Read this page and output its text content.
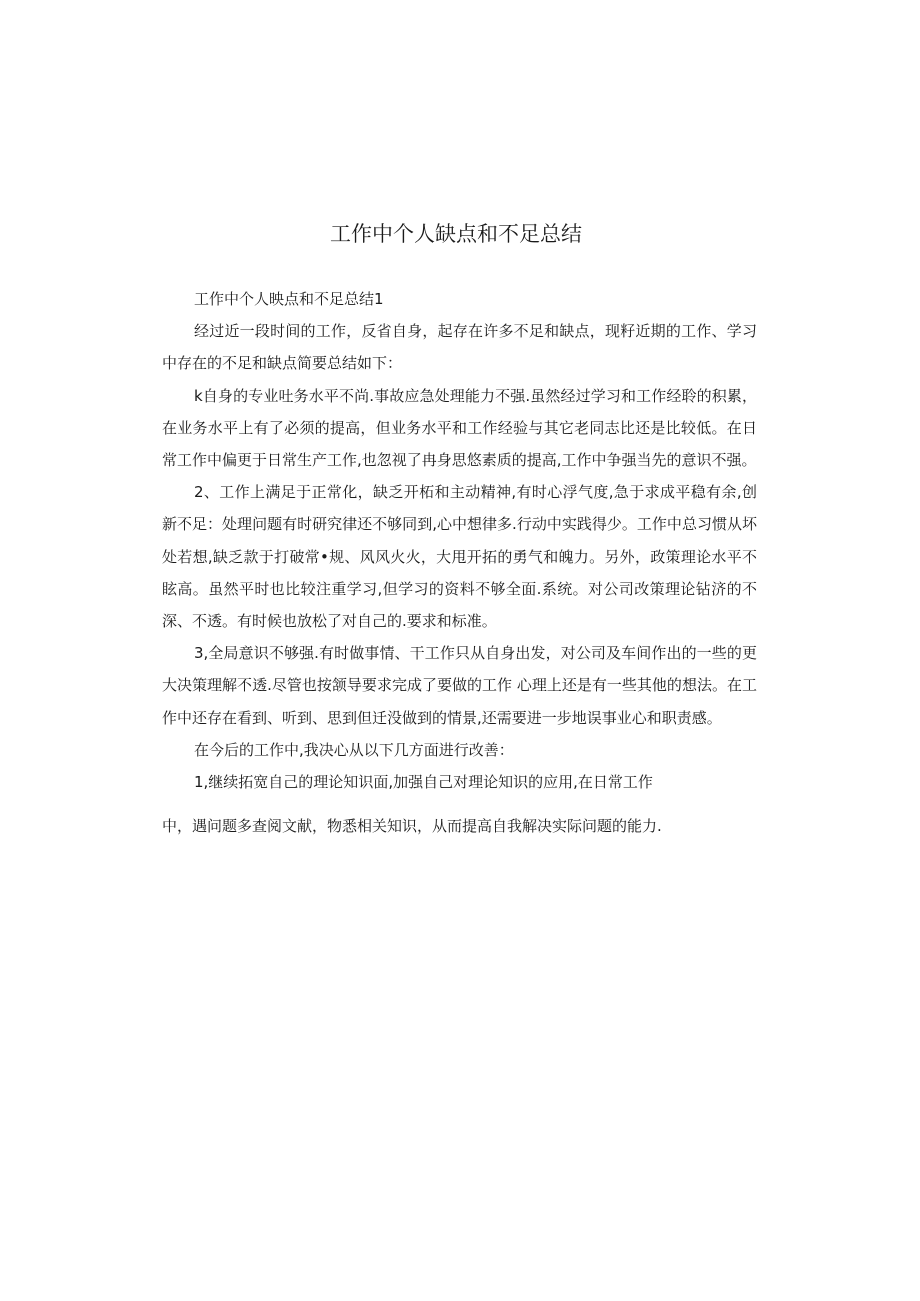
工作中个人缺点和不足总结

工作中个人映点和不足总结1

经过近一段时间的工作，反省自身，起存在许多不足和缺点，现籽近期的工作、学习中存在的不足和缺点简要总结如下：

k自身的专业吐务水平不尚.事故应急处理能力不强.虽然经过学习和工作经聆的积累，在业务水平上有了必须的提高，但业务水平和工作经验与其它老同志比还是比较低。在日常工作中偏更于日常生产工作,也忽视了冉身思悠素质的提高,工作中争强当先的意识不强。

2、工作上满足于正常化，缺乏开柘和主动精神,有时心浮气度,急于求成平稳有余,创新不足：处理问题有时研究律还不够同到,心中想律多.行动中实践得少。工作中总习惯从坏处若想,缺乏款于打破常•规、风风火火，大甩开拓的勇气和魄力。另外，政策理论水平不眩高。虽然平时也比较注重学习,但学习的资料不够全面.系统。对公司改策理论钻济的不深、不透。有时候也放松了对自己的.要求和标准。

3,全局意识不够强.有时做事情、干工作只从自身出发，对公司及车间作出的一些的更大决策理解不透.尽管也按颔导要求完成了要做的工作 心理上还是有一些其他的想法。在工作中还存在看到、听到、思到但迁没做到的情景,还需要进一步地误事业心和职责感。

在今后的工作中,我决心从以下几方面进行改善：

1,继续拓宽自己的理论知识面,加强自己对理论知识的应用,在日常工作

中，遇问题多查阅文献，物悉相关知识，从而提高自我解决实际问题的能力.
